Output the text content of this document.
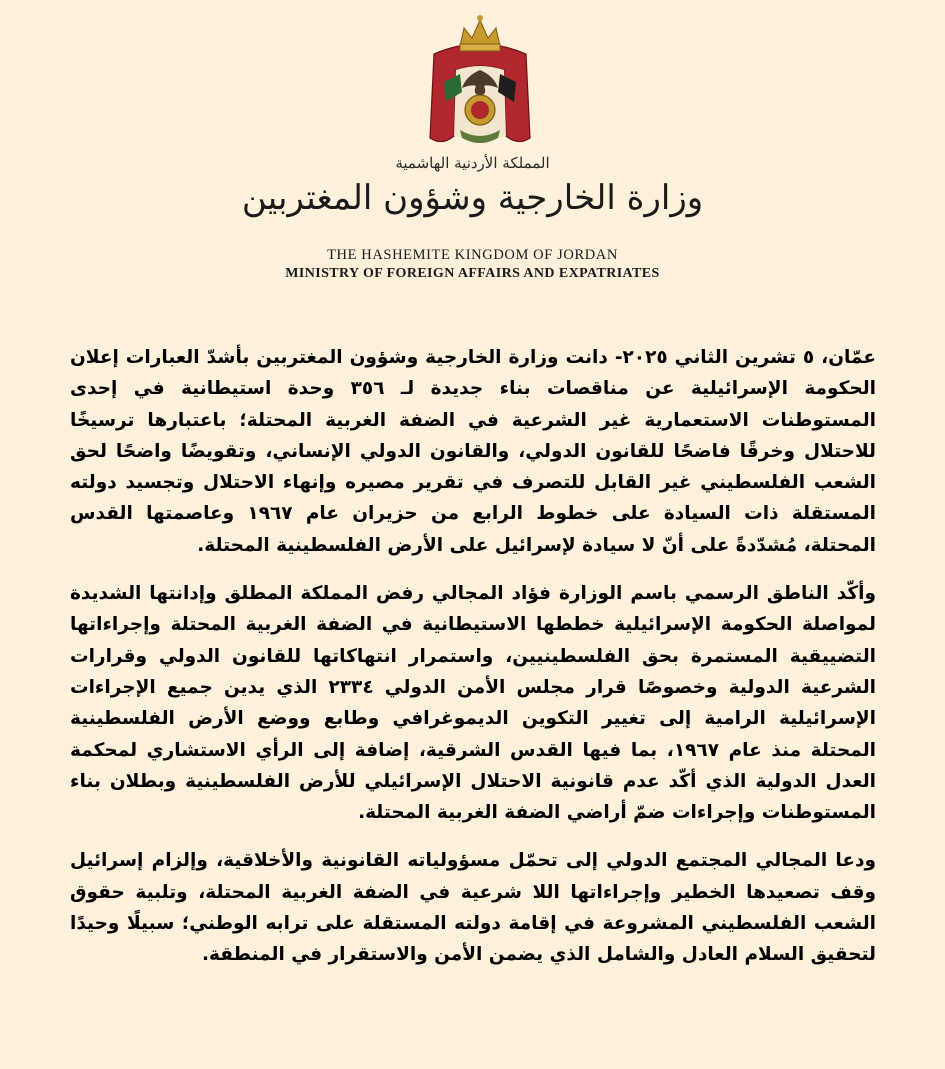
المملكة الأردنية الهاشمية
وزارة الخارجية وشؤون المغتربين
THE HASHEMITE KINGDOM OF JORDAN
MINISTRY OF FOREIGN AFFAIRS AND EXPATRIATES

عمّان، ٥ تشرين الثاني ٢٠٢٥- دانت وزارة الخارجية وشؤون المغتربين بأشدّ العبارات إعلان الحكومة الإسرائيلية عن مناقصات بناء جديدة لـ ٣٥٦ وحدة استيطانية في إحدى المستوطنات الاستعمارية غير الشرعية في الضفة الغربية المحتلة؛ باعتبارها ترسيخًا للاحتلال وخرقًا فاضحًا للقانون الدولي، والقانون الدولي الإنساني، وتقويضًا واضحًا لحق الشعب الفلسطيني غير القابل للتصرف في تقرير مصيره وإنهاء الاحتلال وتجسيد دولته المستقلة ذات السيادة على خطوط الرابع من حزيران عام ١٩٦٧ وعاصمتها القدس المحتلة، مُشدّدةً على أنّ لا سيادة لإسرائيل على الأرض الفلسطينية المحتلة.

وأكّد الناطق الرسمي باسم الوزارة فؤاد المجالي رفض المملكة المطلق وإدانتها الشديدة لمواصلة الحكومة الإسرائيلية خططها الاستيطانية في الضفة الغربية المحتلة وإجراءاتها التضييقية المستمرة بحق الفلسطينيين، واستمرار انتهاكاتها للقانون الدولي وقرارات الشرعية الدولية وخصوصًا قرار مجلس الأمن الدولي ٢٣٣٤ الذي يدين جميع الإجراءات الإسرائيلية الرامية إلى تغيير التكوين الديموغرافي وطابع ووضع الأرض الفلسطينية المحتلة منذ عام ١٩٦٧، بما فيها القدس الشرقية، إضافة إلى الرأي الاستشاري لمحكمة العدل الدولية الذي أكّد عدم قانونية الاحتلال الإسرائيلي للأرض الفلسطينية وبطلان بناء المستوطنات وإجراءات ضمّ أراضي الضفة الغربية المحتلة.

ودعا المجالي المجتمع الدولي إلى تحمّل مسؤولياته القانونية والأخلاقية، وإلزام إسرائيل وقف تصعيدها الخطير وإجراءاتها اللا شرعية في الضفة الغربية المحتلة، وتلبية حقوق الشعب الفلسطيني المشروعة في إقامة دولته المستقلة على ترابه الوطني؛ سبيلًا وحيدًا لتحقيق السلام العادل والشامل الذي يضمن الأمن والاستقرار في المنطقة.
